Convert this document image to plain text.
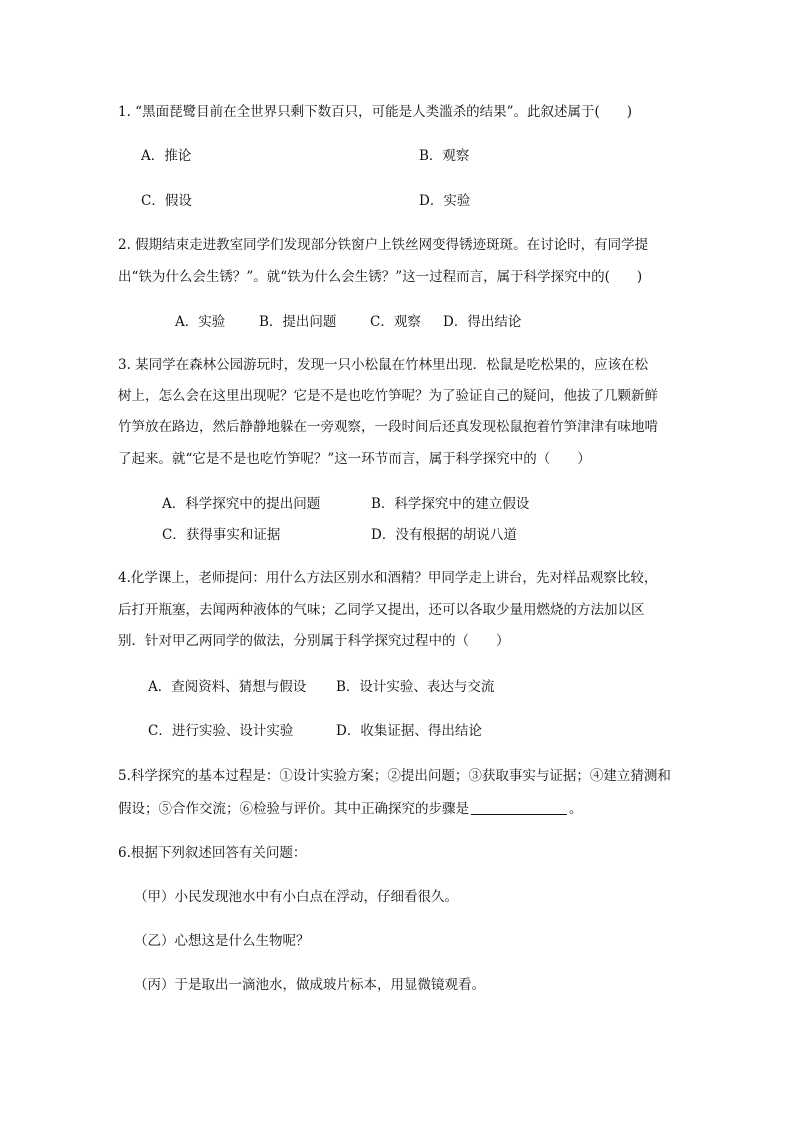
1. “黑面琵鹭目前在全世界只剩下数百只，可能是人类滥杀的结果”。此叙述属于(　　)
A．推论	B．观察
C．假设	D．实验
2. 假期结束走进教室同学们发现部分铁窗户上铁丝网变得锈迹斑斑。在讨论时，有同学提
出“铁为什么会生锈？”。就“铁为什么会生锈？”这一过程而言，属于科学探究中的(　　)
A．实验	B．提出问题 C．观察 D．得出结论
3. 某同学在森林公园游玩时，发现一只小松鼠在竹林里出现．松鼠是吃松果的，应该在松
树上，怎么会在这里出现呢？它是不是也吃竹笋呢？为了验证自己的疑问，他拔了几颗新鲜
竹笋放在路边，然后静静地躲在一旁观察，一段时间后还真发现松鼠抱着竹笋津津有味地啃
了起来。就“它是不是也吃竹笋呢？”这一环节而言，属于科学探究中的（　　）
A．科学探究中的提出问题	B．科学探究中的建立假设
C．获得事实和证据	D．没有根据的胡说八道
4.化学课上，老师提问：用什么方法区别水和酒精？甲同学走上讲台，先对样品观察比较，
后打开瓶塞，去闻两种液体的气味；乙同学又提出，还可以各取少量用燃烧的方法加以区
别．针对甲乙两同学的做法，分别属于科学探究过程中的（　　）
A．查阅资料、猜想与假设 B．设计实验、表达与交流
C．进行实验、设计实验	D．收集证据、得出结论
5.科学探究的基本过程是：①设计实验方案；②提出问题；③获取事实与证据；④建立猜测和
假设；⑤合作交流；⑥检验与评价。其中正确探究的步骤是	。
6.根据下列叙述回答有关问题：
（甲）小民发现池水中有小白点在浮动，仔细看很久。
（乙）心想这是什么生物呢？
（丙）于是取出一滴池水，做成玻片标本，用显微镜观看。
